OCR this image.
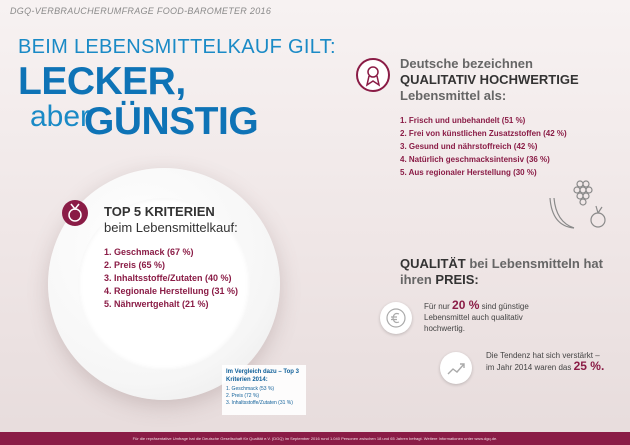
DGQ-VERBRAUCHERUMFRAGE FOOD-BAROMETER 2016
BEIM LEBENSMITTELKAUF GILT:
LECKER,
aber
GÜNSTIG
TOP 5 KRITERIEN
beim Lebensmittelkauf:
1. Geschmack (67 %)
2. Preis (65 %)
3. Inhaltsstoffe/Zutaten (40 %)
4. Regionale Herstellung (31 %)
5. Nährwertgehalt (21 %)
Im Vergleich dazu – Top 3 Kriterien 2014:
1. Geschmack (53 %)
2. Preis (72 %)
3. Inhaltsstoffe/Zutaten (31 %)
Deutsche bezeichnen
QUALITATIV HOCHWERTIGE
Lebensmittel als:
1. Frisch und unbehandelt (51 %)
2. Frei von künstlichen Zusatzstoffen (42 %)
3. Gesund und nährstoffreich (42 %)
4. Natürlich geschmacksintensiv (36 %)
5. Aus regionaler Herstellung (30 %)
QUALITÄT bei Lebensmitteln hat ihren PREIS:
Für nur 20 % sind günstige Lebensmittel auch qualitativ hochwertig.
Die Tendenz hat sich verstärkt – im Jahr 2014 waren das 25 %.
Für die repräsentative Umfrage hat die Deutsche Gesellschaft für Qualität e.V. (DGQ) im September 2016 rund 1.040 Personen zwischen 18 und 65 Jahren befragt. Weitere Informationen unter www.dgq.de.
